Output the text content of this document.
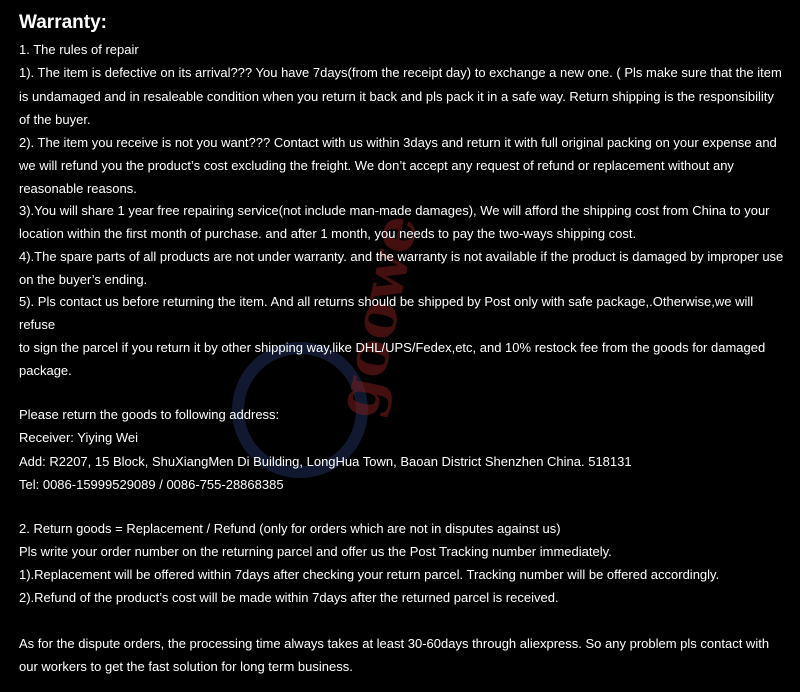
goowe
Warranty:
1. The rules of repair
1). The item is defective on its arrival??? You have 7days(from the receipt day) to exchange a new one. ( Pls make sure that the item
is undamaged and in resaleable condition when you return it back and pls pack it in a safe way. Return shipping is the responsibility
of the buyer.
2). The item you receive is not you want??? Contact with us within 3days and return it with full original packing on your expense and
we will refund you the product’s cost excluding the freight. We don’t accept any request of refund or replacement without any
reasonable reasons.
3).You will share 1 year free repairing service(not include man-made damages), We will afford the shipping cost from China to your
location within the first month of purchase. and after 1 month, you needs to pay the two-ways shipping cost.
4).The spare parts of all products are not under warranty. and the warranty is not available if the product is damaged by improper use
on the buyer’s ending.
5). Pls contact us before returning the item. And all returns should be shipped by Post only with safe package,.Otherwise,we will
refuse
to sign the parcel if you return it by other shipping way,like DHL/UPS/Fedex,etc, and 10% restock fee from the goods for damaged
package.
Please return the goods to following address:
Receiver: Yiying Wei
Add: R2207, 15 Block, ShuXiangMen Di Building, LongHua Town, Baoan District Shenzhen China. 518131
Tel: 0086-15999529089 / 0086-755-28868385
2. Return goods = Replacement / Refund (only for orders which are not in disputes against us)
Pls write your order number on the returning parcel and offer us the Post Tracking number immediately.
1).Replacement will be offered within 7days after checking your return parcel. Tracking number will be offered accordingly.
2).Refund of the product’s cost will be made within 7days after the returned parcel is received.
As for the dispute orders, the processing time always takes at least 30-60days through aliexpress. So any problem pls contact with
our workers to get the fast solution for long term business.
